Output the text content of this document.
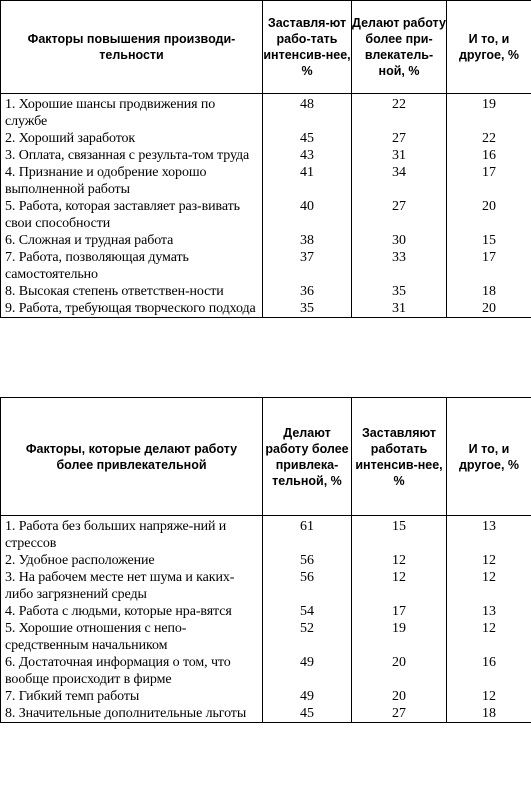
Факторы повышения производи-тельности	Заставля-ют рабо-тать интенсив-нее, %	Делают работу более при-влекатель-ной, %	И то, и другое, %
1. Хорошие шансы продвижения по службе	48	22	19
2. Хороший заработок	45	27	22
3. Оплата, связанная с результа-том труда	43	31	16
4. Признание и одобрение хорошо выполненной работы	41	34	17
5. Работа, которая заставляет раз-вивать свои способности	40	27	20
6. Сложная и трудная работа	38	30	15
7. Работа, позволяющая думать самостоятельно	37	33	17
8. Высокая степень ответствен-ности	36	35	18
9. Работа, требующая творческого подхода	35	31	20
Факторы, которые делают работу более привлекательной	Делают работу более привлека-тельной, %	Заставляют работать интенсив-нее, %	И то, и другое, %
1. Работа без больших напряже-ний и стрессов	61	15	13
2. Удобное расположение	56	12	12
3. На рабочем месте нет шума и каких-либо загрязнений среды	56	12	12
4. Работа с людьми, которые нра-вятся	54	17	13
5. Хорошие отношения с непо-средственным начальником	52	19	12
6. Достаточная информация о том, что вообще происходит в фирме	49	20	16
7. Гибкий темп работы	49	20	12
8. Значительные дополнительные льготы	45	27	18
